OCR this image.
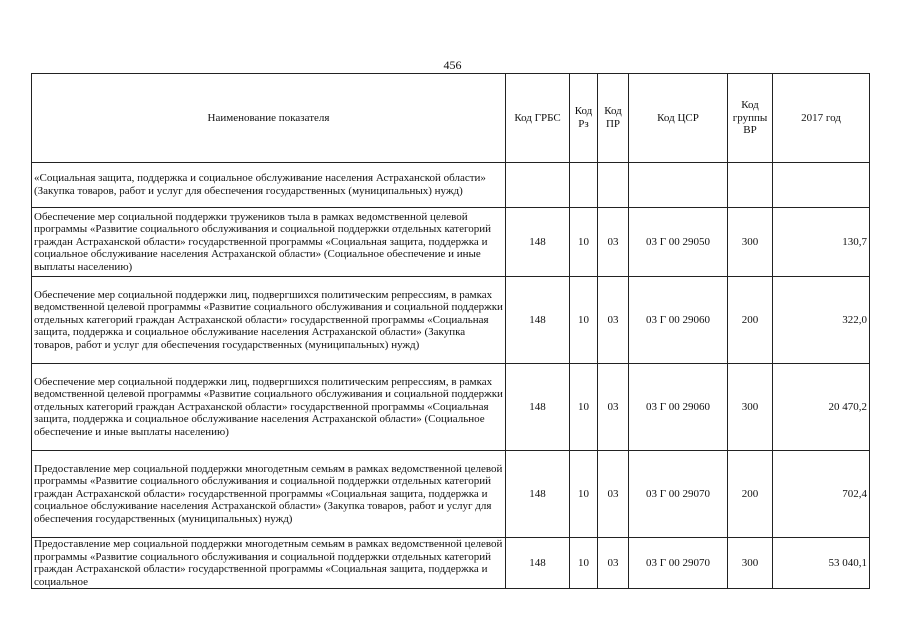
456
Наименование показателя	Код ГРБС	Код Рз	Код ПР	Код ЦСР	Код группы ВР	2017 год
«Социальная защита, поддержка и социальное обслуживание населения Астраханской области» (Закупка товаров, работ и услуг для обеспечения государственных (муниципальных) нужд)						
Обеспечение мер социальной поддержки тружеников тыла в рамках ведомственной целевой программы «Развитие социального обслуживания и социальной поддержки отдельных категорий граждан Астраханской области» государственной программы «Социальная защита, поддержка и социальное обслуживание населения Астраханской области» (Социальное обеспечение и иные выплаты населению)	148	10	03	03 Г 00 29050	300	130,7
Обеспечение мер социальной поддержки лиц, подвергшихся политическим репрессиям, в рамках ведомственной целевой программы «Развитие социального обслуживания и социальной поддержки отдельных категорий граждан Астраханской области» государственной программы «Социальная защита, поддержка и социальное обслуживание населения Астраханской области» (Закупка товаров, работ и услуг для обеспечения государственных (муниципальных) нужд)	148	10	03	03 Г 00 29060	200	322,0
Обеспечение мер социальной поддержки лиц, подвергшихся политическим репрессиям, в рамках ведомственной целевой программы «Развитие социального обслуживания и социальной поддержки отдельных категорий граждан Астраханской области» государственной программы «Социальная защита, поддержка и социальное обслуживание населения Астраханской области» (Социальное обеспечение и иные выплаты населению)	148	10	03	03 Г 00 29060	300	20 470,2
Предоставление мер социальной поддержки многодетным семьям в рамках ведомственной целевой программы «Развитие социального обслуживания и социальной поддержки отдельных категорий граждан Астраханской области» государственной программы «Социальная защита, поддержка и социальное обслуживание населения Астраханской области» (Закупка товаров, работ и услуг для обеспечения государственных (муниципальных) нужд)	148	10	03	03 Г 00 29070	200	702,4
Предоставление мер социальной поддержки многодетным семьям в рамках ведомственной целевой программы «Развитие социального обслуживания и социальной поддержки отдельных категорий граждан Астраханской области» государственной программы «Социальная защита, поддержка и социальное	148	10	03	03 Г 00 29070	300	53 040,1
